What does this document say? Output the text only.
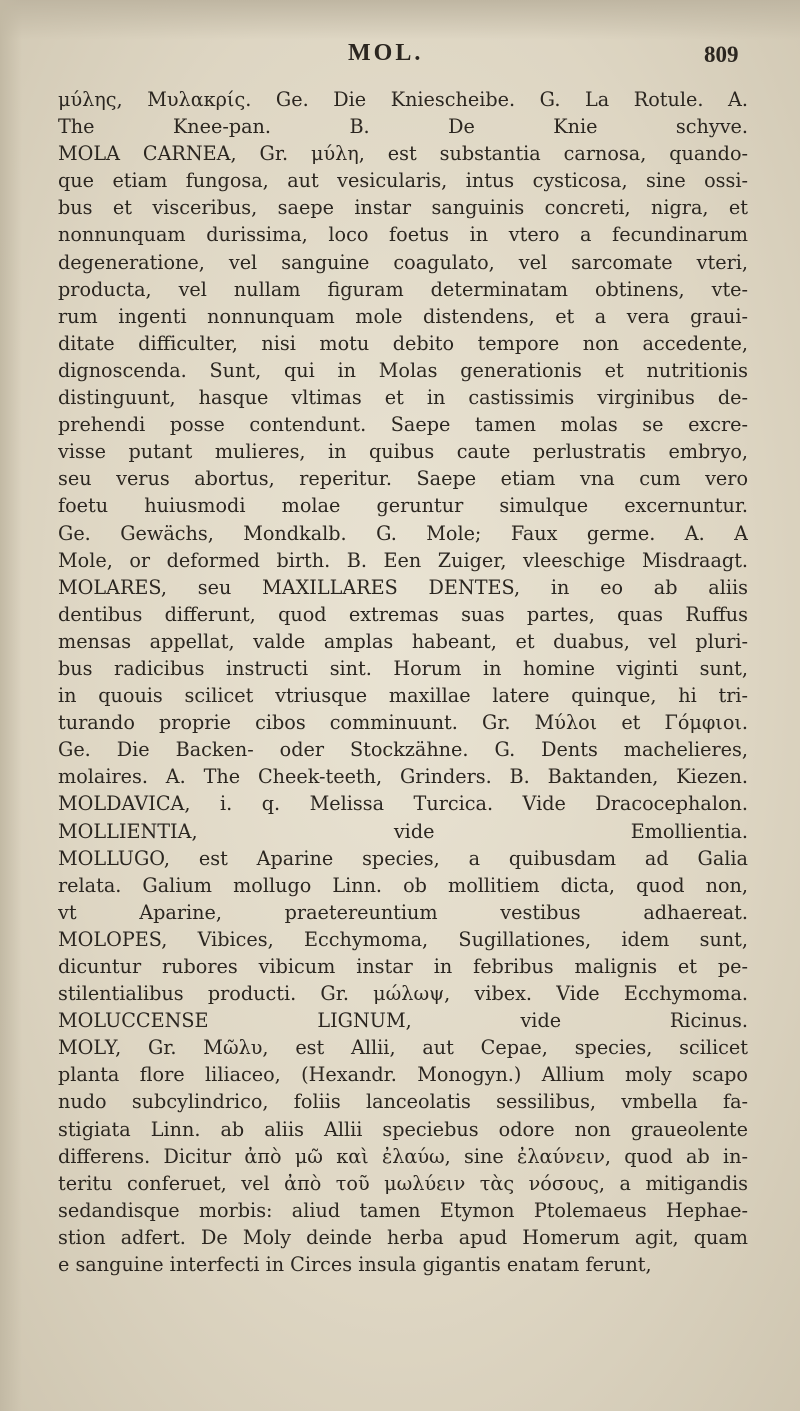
MOL.	809
μύλης, Mυλακρίς. Ge. Die Kniescheibe. G. La Rotule. A.
The Knee-pan. B. De Knie schyve.
MOLA CARNEA, Gr. μύλη, est substantia carnosa, quando-
que etiam fungosa, aut vesicularis, intus cysticosa, sine ossi-
bus et visceribus, saepe instar sanguinis concreti, nigra, et
nonnunquam durissima, loco foetus in vtero a fecundinarum
degeneratione, vel sanguine coagulato, vel sarcomate vteri,
producta, vel nullam figuram determinatam obtinens, vte-
rum ingenti nonnunquam mole distendens, et a vera graui-
ditate difficulter, nisi motu debito tempore non accedente,
dignoscenda. Sunt, qui in Molas generationis et nutritionis
distinguunt, hasque vltimas et in castissimis virginibus de-
prehendi posse contendunt. Saepe tamen molas se excre-
visse putant mulieres, in quibus caute perlustratis embryo,
seu verus abortus, reperitur. Saepe etiam vna cum vero
foetu huiusmodi molae geruntur simulque excernuntur.
Ge. Gewächs, Mondkalb. G. Mole; Faux germe. A. A
Mole, or deformed birth. B. Een Zuiger, vleeschige Misdraagt.
MOLARES, seu MAXILLARES DENTES, in eo ab aliis
dentibus differunt, quod extremas suas partes, quas Ruffus
mensas appellat, valde amplas habeant, et duabus, vel pluri-
bus radicibus instructi sint. Horum in homine viginti sunt,
in quouis scilicet vtriusque maxillae latere quinque, hi tri-
turando proprie cibos comminuunt. Gr. Μύλοι et Γόμφιοι.
Ge. Die Backen- oder Stockzähne. G. Dents machelieres,
molaires. A. The Cheek-teeth, Grinders. B. Baktanden, Kiezen.
MOLDAVICA, i. q. Melissa Turcica. Vide Dracocephalon.
MOLLIENTIA, vide Emollientia.
MOLLUGO, est Aparine species, a quibusdam ad Galia
relata. Galium mollugo Linn. ob mollitiem dicta, quod non,
vt Aparine, praetereuntium vestibus adhaereat.
MOLOPES, Vibices, Ecchymoma, Sugillationes, idem sunt,
dicuntur rubores vibicum instar in febribus malignis et pe-
stilentialibus producti. Gr. μώλωψ, vibex. Vide Ecchymoma.
MOLUCCENSE LIGNUM, vide Ricinus.
MOLY, Gr. Μῶλυ, est Allii, aut Cepae, species, scilicet
planta flore liliaceo, (Hexandr. Monogyn.) Allium moly scapo
nudo subcylindrico, foliis lanceolatis sessilibus, vmbella fa-
stigiata Linn. ab aliis Allii speciebus odore non graueolente
differens. Dicitur ἀπὸ μῶ καὶ ἐλαύω, sine ἐλαύνειν, quod ab in-
teritu conferuet, vel ἀπὸ τοῦ μωλύειν τὰς νόσους, a mitigandis
sedandisque morbis: aliud tamen Etymon Ptolemaeus Hephae-
stion adfert. De Moly deinde herba apud Homerum agit, quam
e sanguine interfecti in Circes insula gigantis enatam ferunt,
